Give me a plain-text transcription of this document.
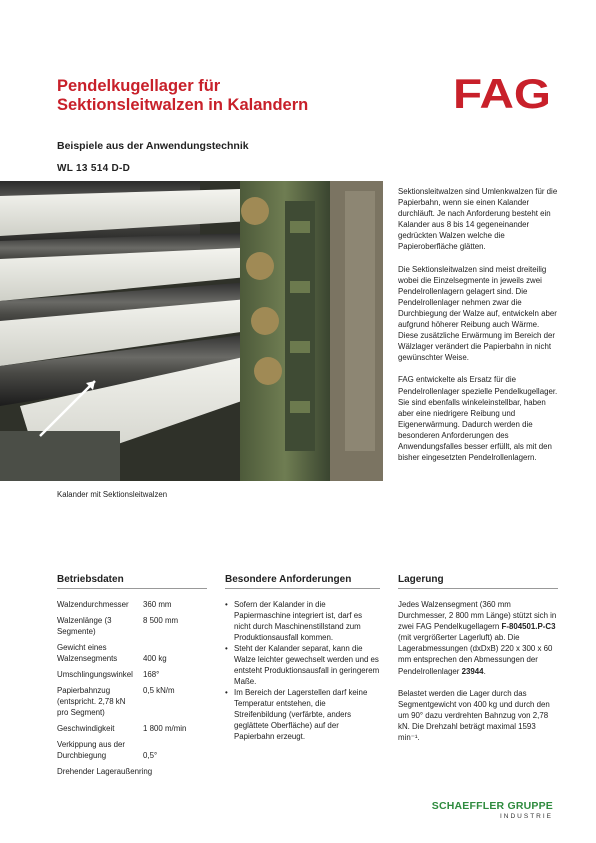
Pendelkugellager für
Sektionsleitwalzen in Kalandern	FAG
Beispiele aus der Anwendungstechnik
WL 13 514 D-D
Kalander mit Sektionsleitwalzen

Sektionsleitwalzen sind Umlenkwalzen für die Papierbahn, wenn sie einen Kalander durchläuft. Je nach Anforderung besteht ein Kalander aus 8 bis 14 gegeneinander gedrückten Walzen welche die Papieroberfläche glätten.

Die Sektionsleitwalzen sind meist dreiteilig wobei die Einzelsegmente in jeweils zwei Pendelrollenlagern gelagert sind. Die Pendelrollenlager nehmen zwar die Durchbiegung der Walze auf, entwickeln aber aufgrund höherer Reibung auch Wärme. Diese zusätzliche Erwärmung im Bereich der Wälzlager verändert die Papierbahn in nicht gewünschter Weise.

FAG entwickelte als Ersatz für die Pendelrollenlager spezielle Pendelkugellager. Sie sind ebenfalls winkeleinstellbar, haben aber eine niedrigere Reibung und Eigenerwärmung. Dadurch werden die besonderen Anforderungen des Anwendungsfalles besser erfüllt, als mit den bisher eingesetzten Pendelrollenlagern.

Betriebsdaten	Besondere Anforderungen	Lagerung
Walzendurchmesser	360 mm
Walzenlänge (3 Segmente)	8 500 mm
Gewicht eines Walzensegments	400 kg
Umschlingungswinkel	168°
Papierbahnzug (entspricht. 2,78 kN pro Segment)	0,5 kN/m
Geschwindigkeit	1 800 m/min
Verkippung aus der Durchbiegung	0,5°
Drehender Lageraußenring	
• Sofern der Kalander in die Papiermaschine integriert ist, darf es nicht durch Maschinenstillstand zum Produktionsausfall kommen.
• Steht der Kalander separat, kann die Walze leichter gewechselt werden und es entsteht Produktionsausfall in geringerem Maße.
• Im Bereich der Lagerstellen darf keine Temperatur entstehen, die Streifenbildung (verfärbte, anders geglättete Oberfläche) auf der Papierbahn erzeugt.

Jedes Walzensegment (360 mm Durchmesser, 2 800 mm Länge) stützt sich in zwei FAG Pendelkugellagern F-804501.P-C3 (mit vergrößerter Lagerluft) ab. Die Lagerabmessungen (dxDxB) 220 x 300 x 60 mm entsprechen den Abmessungen der Pendelrollenlager 23944.

Belastet werden die Lager durch das Segmentgewicht von 400 kg und durch den um 90° dazu verdrehten Bahnzug von 2,78 kN. Die Drehzahl beträgt maximal 1593 min⁻¹.

SCHAEFFLER GRUPPE
INDUSTRIE
